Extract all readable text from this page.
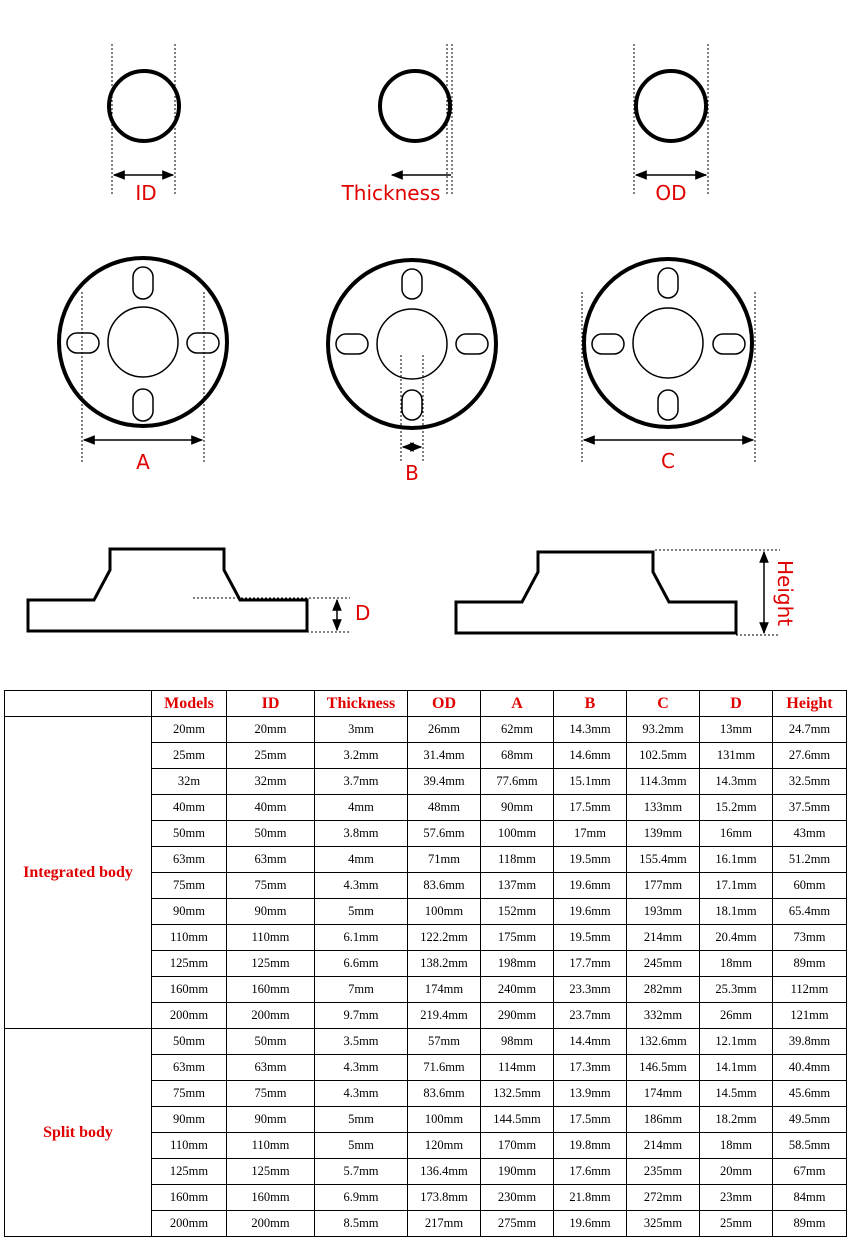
ID	Thickness	OD
A	B	C
D	Height
	Models	ID	Thickness	OD	A	B	C	D	Height
Integrated body	20mm	20mm	3mm	26mm	62mm	14.3mm	93.2mm	13mm	24.7mm
	25mm	25mm	3.2mm	31.4mm	68mm	14.6mm	102.5mm	131mm	27.6mm
	32m	32mm	3.7mm	39.4mm	77.6mm	15.1mm	114.3mm	14.3mm	32.5mm
	40mm	40mm	4mm	48mm	90mm	17.5mm	133mm	15.2mm	37.5mm
	50mm	50mm	3.8mm	57.6mm	100mm	17mm	139mm	16mm	43mm
	63mm	63mm	4mm	71mm	118mm	19.5mm	155.4mm	16.1mm	51.2mm
	75mm	75mm	4.3mm	83.6mm	137mm	19.6mm	177mm	17.1mm	60mm
	90mm	90mm	5mm	100mm	152mm	19.6mm	193mm	18.1mm	65.4mm
	110mm	110mm	6.1mm	122.2mm	175mm	19.5mm	214mm	20.4mm	73mm
	125mm	125mm	6.6mm	138.2mm	198mm	17.7mm	245mm	18mm	89mm
	160mm	160mm	7mm	174mm	240mm	23.3mm	282mm	25.3mm	112mm
	200mm	200mm	9.7mm	219.4mm	290mm	23.7mm	332mm	26mm	121mm
Split body	50mm	50mm	3.5mm	57mm	98mm	14.4mm	132.6mm	12.1mm	39.8mm
	63mm	63mm	4.3mm	71.6mm	114mm	17.3mm	146.5mm	14.1mm	40.4mm
	75mm	75mm	4.3mm	83.6mm	132.5mm	13.9mm	174mm	14.5mm	45.6mm
	90mm	90mm	5mm	100mm	144.5mm	17.5mm	186mm	18.2mm	49.5mm
	110mm	110mm	5mm	120mm	170mm	19.8mm	214mm	18mm	58.5mm
	125mm	125mm	5.7mm	136.4mm	190mm	17.6mm	235mm	20mm	67mm
	160mm	160mm	6.9mm	173.8mm	230mm	21.8mm	272mm	23mm	84mm
	200mm	200mm	8.5mm	217mm	275mm	19.6mm	325mm	25mm	89mm
